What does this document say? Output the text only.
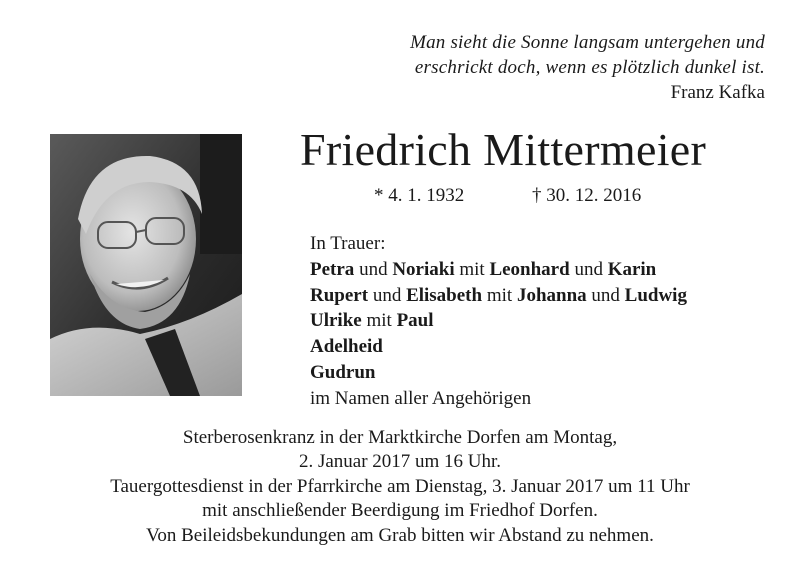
Man sieht die Sonne langsam untergehen und
erschrickt doch, wenn es plötzlich dunkel ist.
Franz Kafka
Friedrich Mittermeier
* 4. 1. 1932	† 30. 12. 2016
In Trauer:
Petra und Noriaki mit Leonhard und Karin
Rupert und Elisabeth mit Johanna und Ludwig
Ulrike mit Paul
Adelheid
Gudrun
im Namen aller Angehörigen
Sterberosenkranz in der Marktkirche Dorfen am Montag,
2. Januar 2017 um 16 Uhr.
Tauergottesdienst in der Pfarrkirche am Dienstag, 3. Januar 2017 um 11 Uhr
mit anschließender Beerdigung im Friedhof Dorfen.
Von Beileidsbekundungen am Grab bitten wir Abstand zu nehmen.
